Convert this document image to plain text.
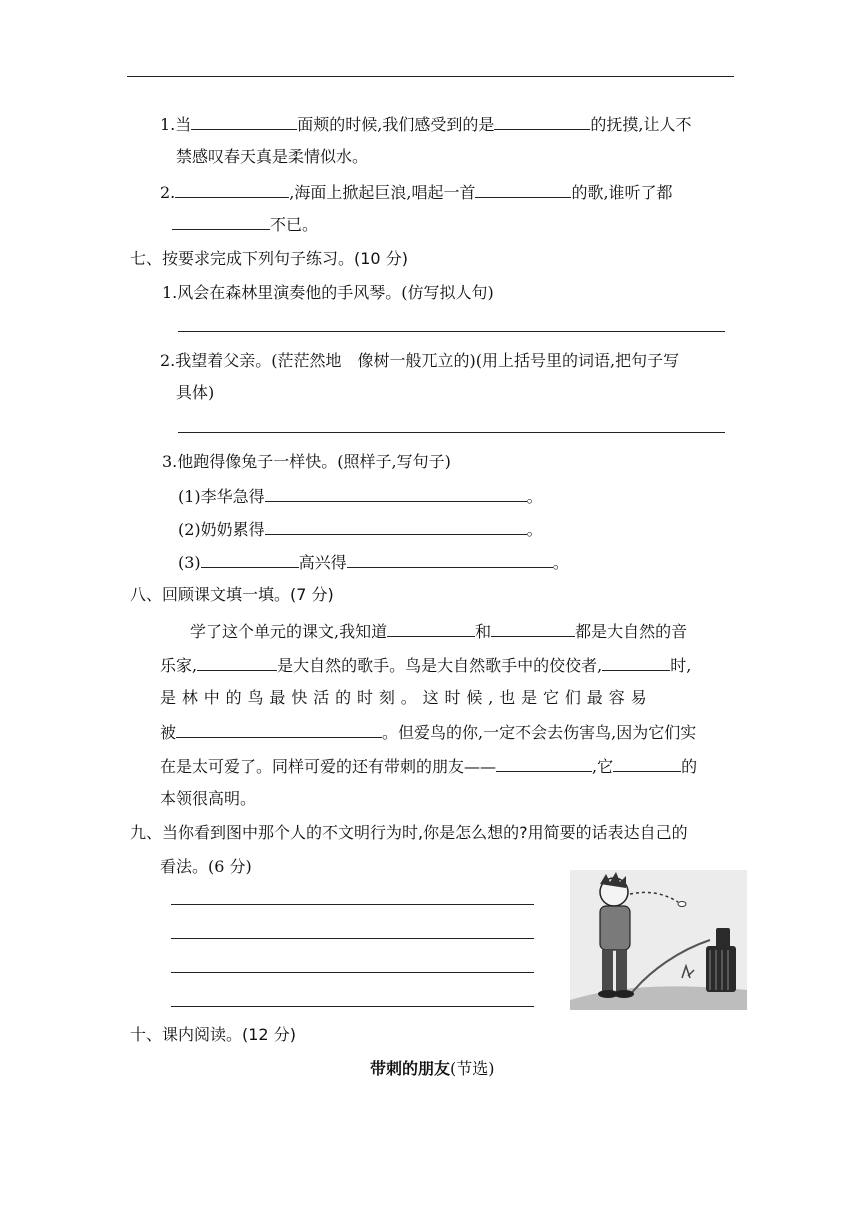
1.当	面颊的时候,我们感受到的是	的抚摸,让人不
禁感叹春天真是柔情似水。
2.	,海面上掀起巨浪,唱起一首	的歌,谁听了都
不已。
七、按要求完成下列句子练习。(10 分)
1.风会在森林里演奏他的手风琴。(仿写拟人句)
2.我望着父亲。(茫茫然地　像树一般兀立的)(用上括号里的词语,把句子写
具体)
3.他跑得像兔子一样快。(照样子,写句子)
(1)李华急得	。
(2)奶奶累得	。
(3)	高兴得	。
八、回顾课文填一填。(7 分)
学了这个单元的课文,我知道	和	都是大自然的音
乐家,	是大自然的歌手。鸟是大自然歌手中的佼佼者,	时,
是 林 中 的 鸟 最 快 活 的 时 刻 。 这 时 候 , 也 是 它 们 最 容 易
被	。但爱鸟的你,一定不会去伤害鸟,因为它们实
在是太可爱了。同样可爱的还有带刺的朋友——	,它	的
本领很高明。
九、当你看到图中那个人的不文明行为时,你是怎么想的?用简要的话表达自己的
看法。(6 分)
十、课内阅读。(12 分)
带刺的朋友(节选)
